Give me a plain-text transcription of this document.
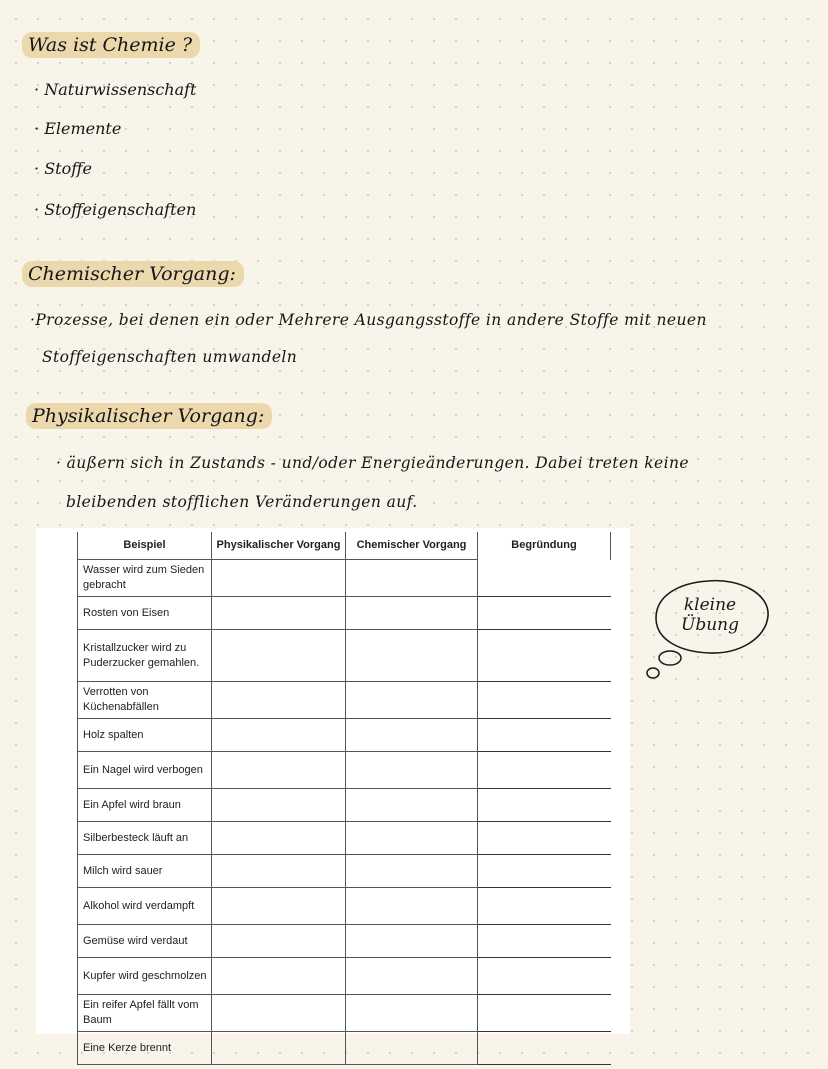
Was ist Chemie ?
· Naturwissenschaft
· Elemente
· Stoffe
· Stoffeigenschaften
Chemischer Vorgang:
·Prozesse, bei denen ein oder Mehrere Ausgangsstoffe in andere Stoffe mit neuen
Stoffeigenschaften umwandeln
Physikalischer Vorgang:
· äußern sich in Zustands - und/oder Energieänderungen. Dabei treten keine
bleibenden stofflichen Veränderungen auf.
Beispiel	Physikalischer Vorgang	Chemischer Vorgang	Begründung
Wasser wird zum Sieden gebracht			
Rosten von Eisen			
Kristallzucker wird zu Puderzucker gemahlen.			
Verrotten von Küchenabfällen			
Holz spalten			
Ein Nagel wird verbogen			
Ein Apfel wird braun			
Silberbesteck läuft an			
Milch wird sauer			
Alkohol wird verdampft			
Gemüse wird verdaut			
Kupfer wird geschmolzen			
Ein reifer Apfel fällt vom Baum			
Eine Kerze brennt			
kleine
Übung
